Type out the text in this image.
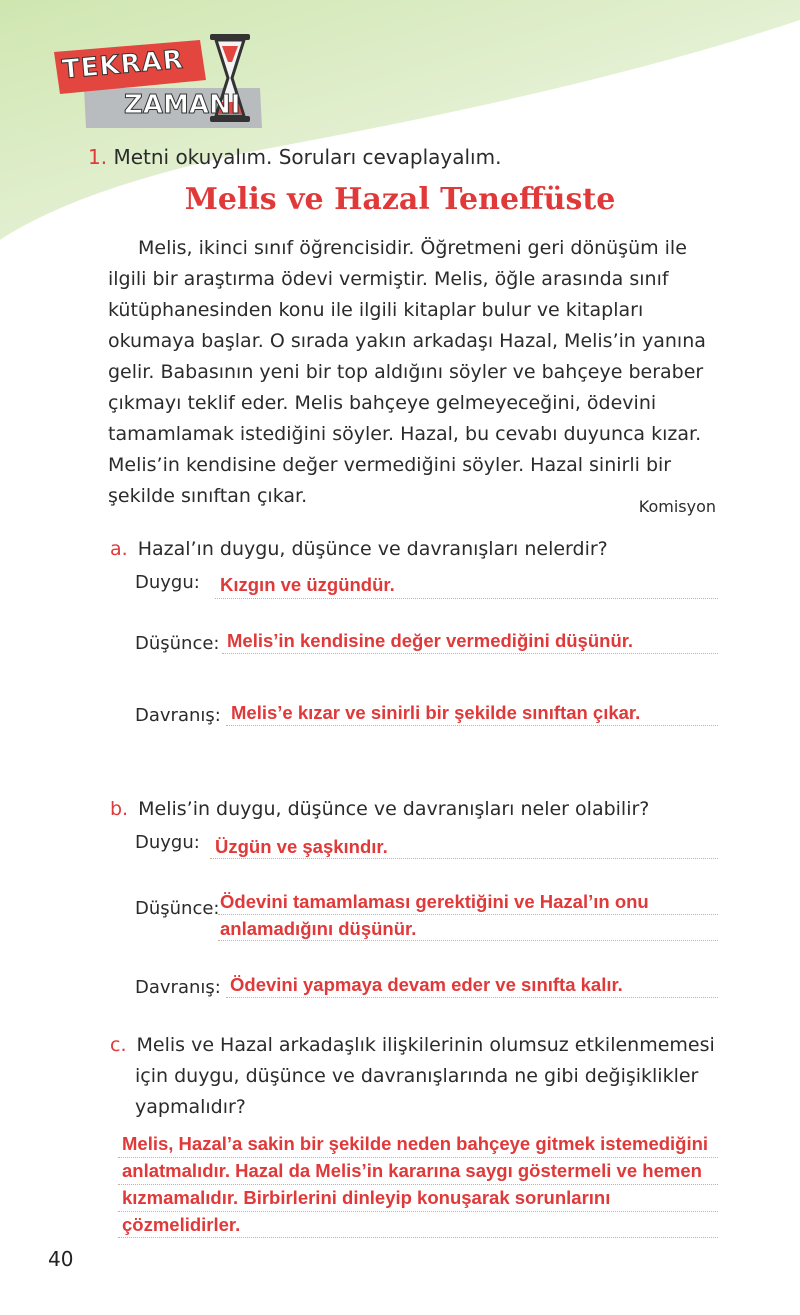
TEKRAR
ZAMANI
1. Metni okuyalım. Soruları cevaplayalım.
Melis ve Hazal Teneffüste

Melis, ikinci sınıf öğrencisidir. Öğretmeni geri dönüşüm ile

ilgili bir araştırma ödevi vermiştir. Melis, öğle arasında sınıf

kütüphanesinden konu ile ilgili kitaplar bulur ve kitapları

okumaya başlar. O sırada yakın arkadaşı Hazal, Melis’in yanına

gelir. Babasının yeni bir top aldığını söyler ve bahçeye beraber

çıkmayı teklif eder. Melis bahçeye gelmeyeceğini, ödevini

tamamlamak istediğini söyler. Hazal, bu cevabı duyunca kızar.

Melis’in kendisine değer vermediğini söyler. Hazal sinirli bir

şekilde sınıftan çıkar.	Komisyon
a. Hazal’ın duygu, düşünce ve davranışları nelerdir?
Duygu: Kızgın ve üzgündür.
Düşünce: Melis’in kendisine değer vermediğini düşünür.
Davranış: Melis’e kızar ve sinirli bir şekilde sınıftan çıkar.
b. Melis’in duygu, düşünce ve davranışları neler olabilir?
Duygu: Üzgün ve şaşkındır.
Düşünce: Ödevini tamamlaması gerektiğini ve Hazal’ın onu
anlamadığını düşünür.
Davranış: Ödevini yapmaya devam eder ve sınıfta kalır.
c. Melis ve Hazal arkadaşlık ilişkilerinin olumsuz etkilenmemesi
için duygu, düşünce ve davranışlarında ne gibi değişiklikler
yapmalıdır?
Melis, Hazal’a sakin bir şekilde neden bahçeye gitmek istemediğini
anlatmalıdır. Hazal da Melis’in kararına saygı göstermeli ve hemen
kızmamalıdır. Birbirlerini dinleyip konuşarak sorunlarını
çözmelidirler.
40
